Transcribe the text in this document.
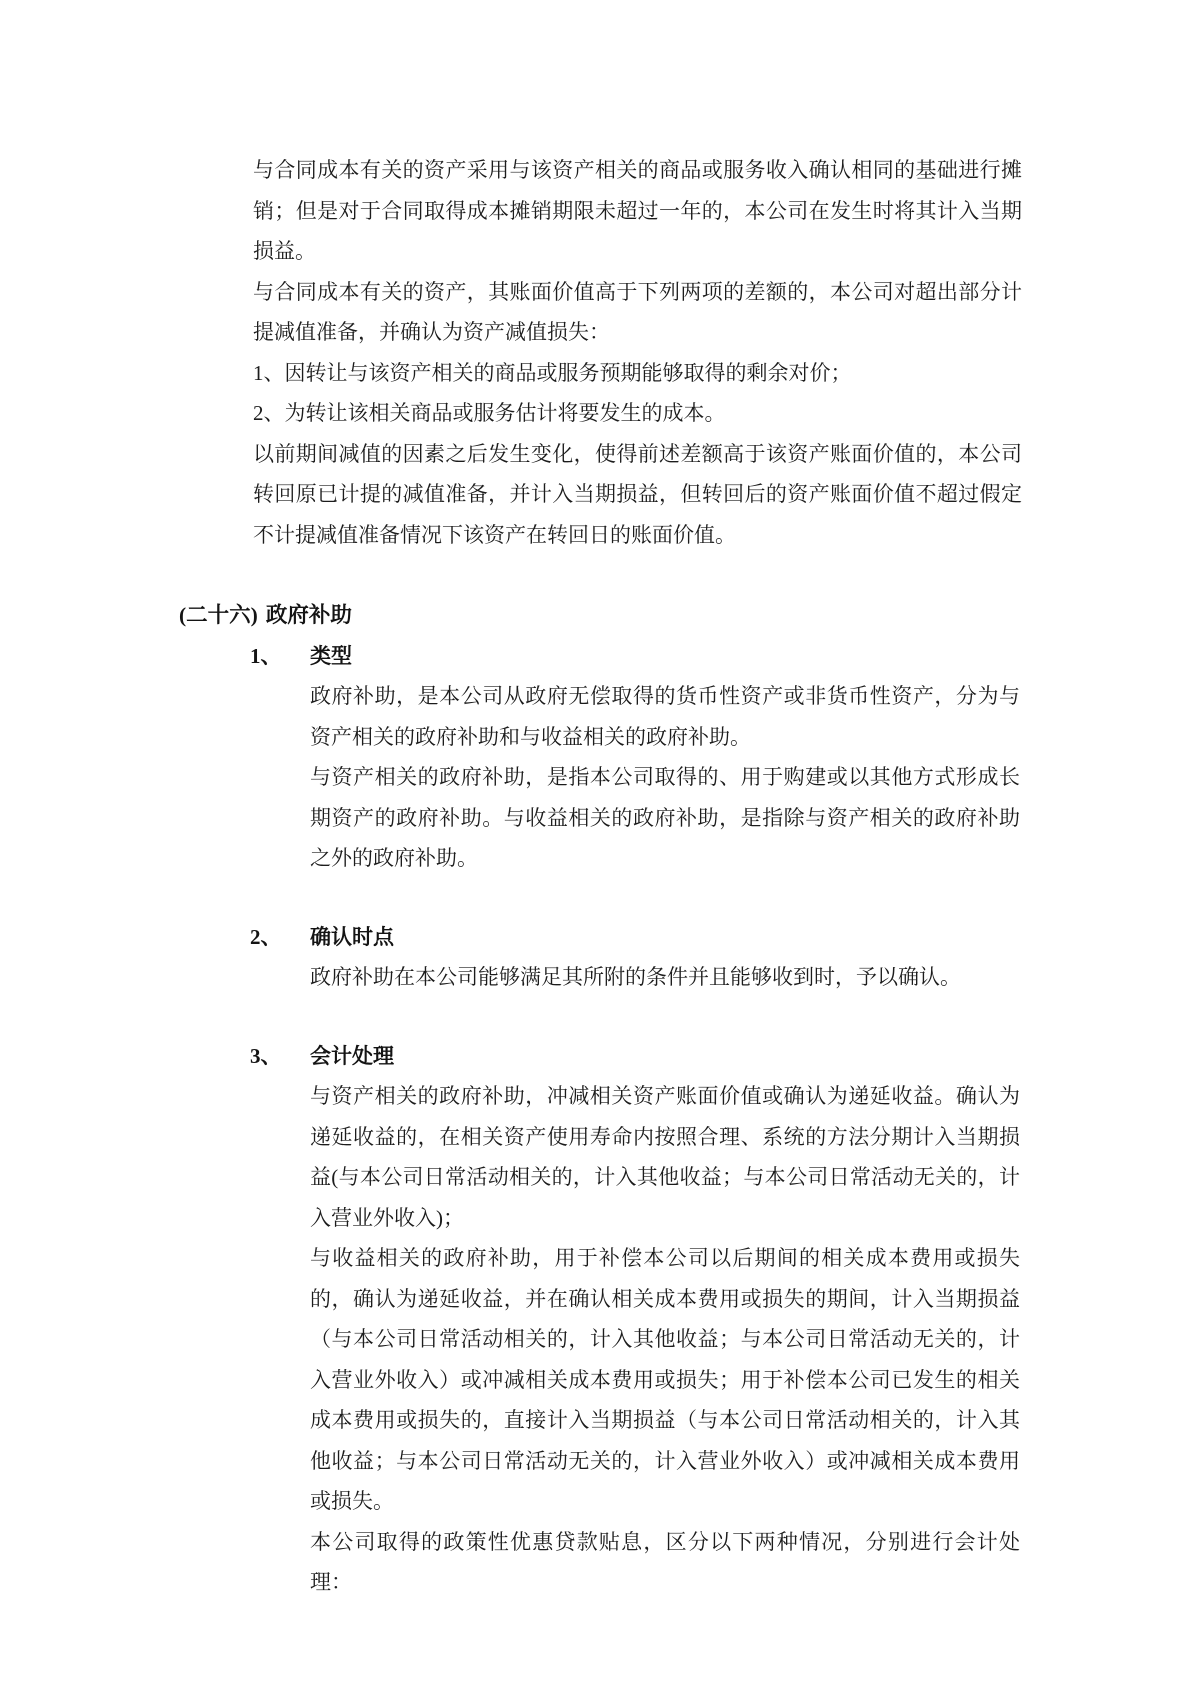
与合同成本有关的资产采用与该资产相关的商品或服务收入确认相同的基础进行摊销；但是对于合同取得成本摊销期限未超过一年的，本公司在发生时将其计入当期损益。

与合同成本有关的资产，其账面价值高于下列两项的差额的，本公司对超出部分计提减值准备，并确认为资产减值损失：

1、因转让与该资产相关的商品或服务预期能够取得的剩余对价；

2、为转让该相关商品或服务估计将要发生的成本。

以前期间减值的因素之后发生变化，使得前述差额高于该资产账面价值的，本公司转回原已计提的减值准备，并计入当期损益，但转回后的资产账面价值不超过假定不计提减值准备情况下该资产在转回日的账面价值。

(二十六) 政府补助
1、	类型

政府补助，是本公司从政府无偿取得的货币性资产或非货币性资产，分为与资产相关的政府补助和与收益相关的政府补助。

与资产相关的政府补助，是指本公司取得的、用于购建或以其他方式形成长期资产的政府补助。与收益相关的政府补助，是指除与资产相关的政府补助之外的政府补助。

2、	确认时点

政府补助在本公司能够满足其所附的条件并且能够收到时，予以确认。

3、	会计处理

与资产相关的政府补助，冲减相关资产账面价值或确认为递延收益。确认为递延收益的，在相关资产使用寿命内按照合理、系统的方法分期计入当期损益(与本公司日常活动相关的，计入其他收益；与本公司日常活动无关的，计入营业外收入)；

与收益相关的政府补助，用于补偿本公司以后期间的相关成本费用或损失的，确认为递延收益，并在确认相关成本费用或损失的期间，计入当期损益（与本公司日常活动相关的，计入其他收益；与本公司日常活动无关的，计入营业外收入）或冲减相关成本费用或损失；用于补偿本公司已发生的相关成本费用或损失的，直接计入当期损益（与本公司日常活动相关的，计入其他收益；与本公司日常活动无关的，计入营业外收入）或冲减相关成本费用或损失。

本公司取得的政策性优惠贷款贴息，区分以下两种情况，分别进行会计处理：
